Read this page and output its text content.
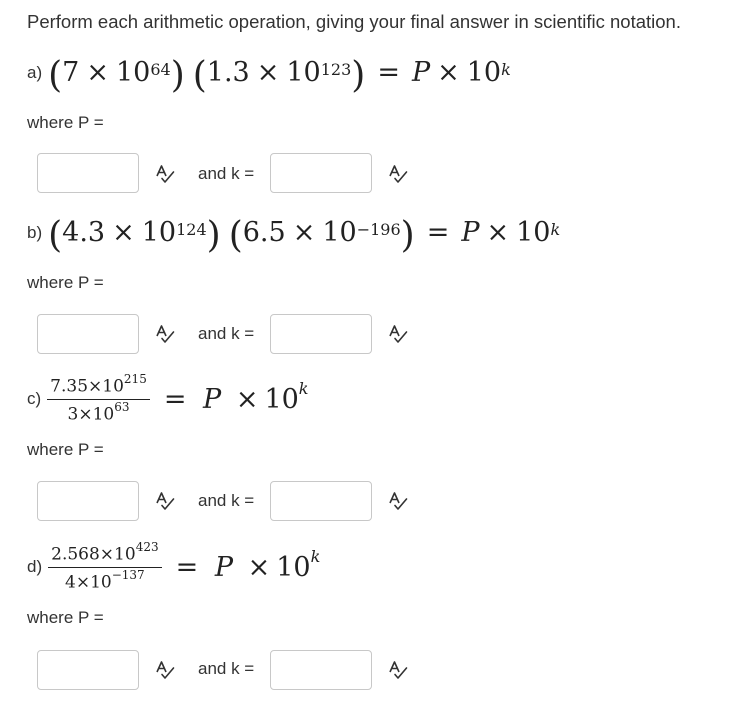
Perform each arithmetic operation, giving your final answer in scientific notation.
a) ( $7 \times 10^{64}$ ) ( $1.3 \times 10^{123}$ ) = $P \times 10^k$
where P =
and k =
b) ( $4.3 \times 10^{124}$ ) ( $6.5 \times 10^{-196}$ ) = $P \times 10^k$
where P =
and k =
$c) \frac{7.35\times 10^{215}}{3\times 10^{63}} = P \times 10^k$
where P =
and k =
$d) \frac{2.568\times 10^{423}}{4\times 10^{-137}} = P \times 10^k$
where P =
and k =
